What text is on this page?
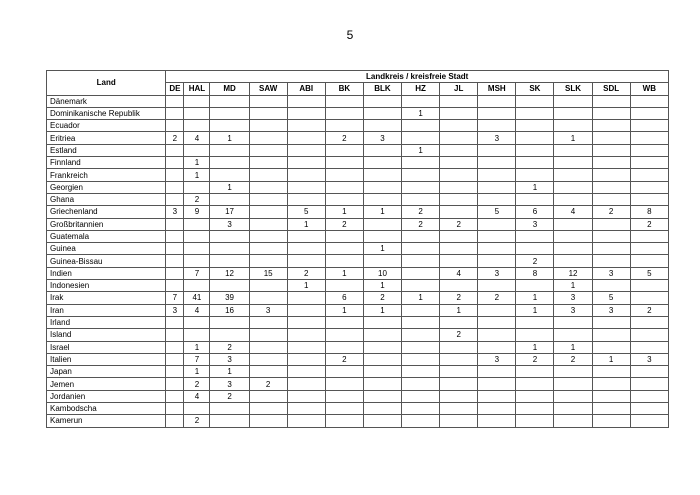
5
Land	Landkreis / kreisfreie Stadt													
	DE	HAL	MD	SAW	ABI	BK	BLK	HZ	JL	MSH	SK	SLK	SDL	WB
Dänemark														
Dominikanische Republik								1						
Ecuador														
Eritriea	2	4	1			2	3			3		1		
Estland								1						
Finnland		1												
Frankreich		1												
Georgien			1								1			
Ghana		2												
Griechenland	3	9	17		5	1	1	2		5	6	4	2	8
Großbritannien			3		1	2		2	2		3			2
Guatemala														
Guinea							1							
Guinea-Bissau											2			
Indien		7	12	15	2	1	10		4	3	8	12	3	5
Indonesien					1		1					1		
Irak	7	41	39			6	2	1	2	2	1	3	5	
Iran	3	4	16	3		1	1		1		1	3	3	2
Irland														
Island									2					
Israel		1	2								1	1		
Italien		7	3			2				3	2	2	1	3
Japan		1	1											
Jemen		2	3	2										
Jordanien		4	2											
Kambodscha														
Kamerun		2												
